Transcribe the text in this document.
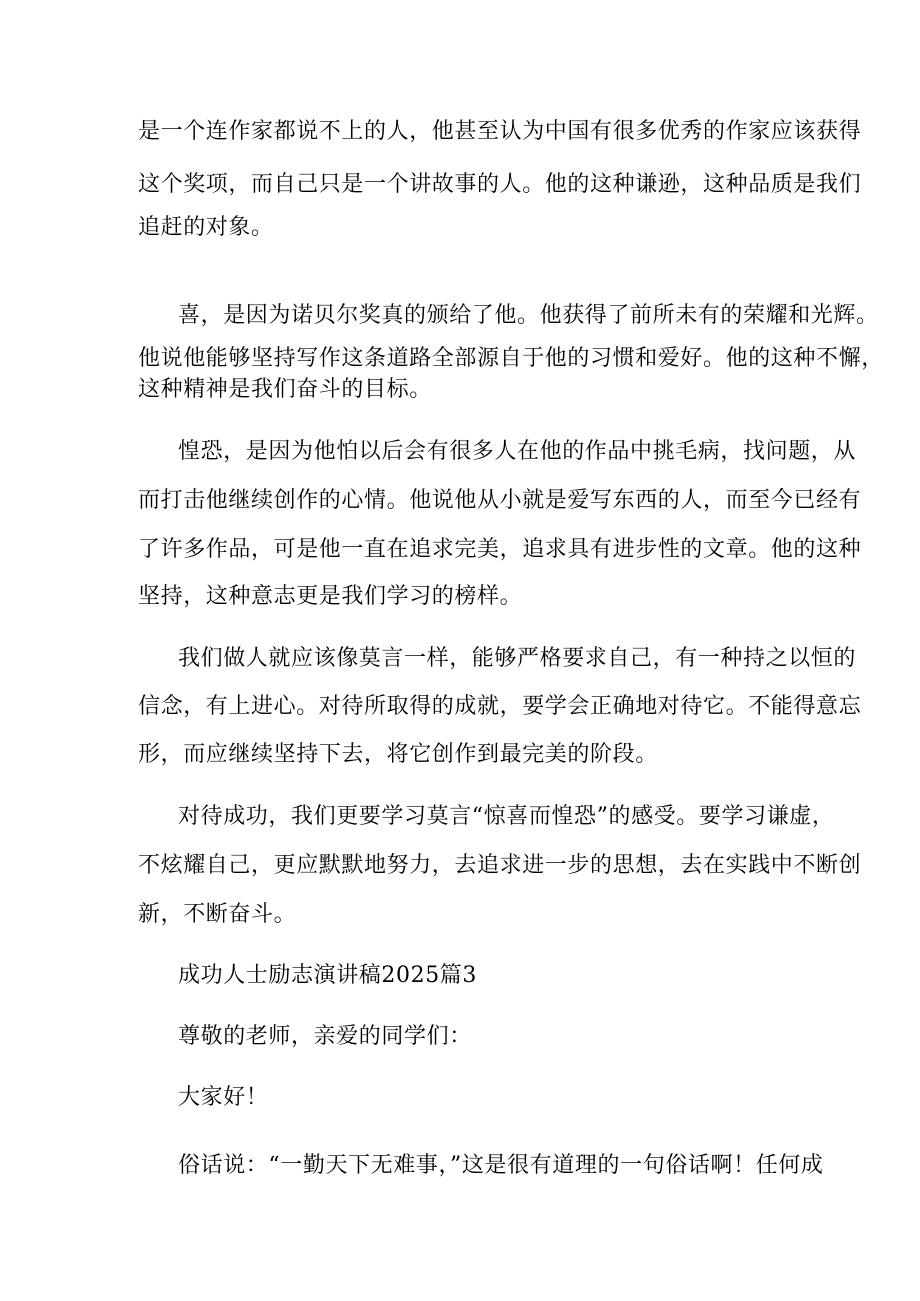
是一个连作家都说不上的人，他甚至认为中国有很多优秀的作家应该获得
这个奖项，而自己只是一个讲故事的人。他的这种谦逊，这种品质是我们
追赶的对象。
喜，是因为诺贝尔奖真的颁给了他。他获得了前所未有的荣耀和光辉。
他说他能够坚持写作这条道路全部源自于他的习惯和爱好。他的这种不懈，
这种精神是我们奋斗的目标。
惶恐，是因为他怕以后会有很多人在他的作品中挑毛病，找问题，从
而打击他继续创作的心情。他说他从小就是爱写东西的人，而至今已经有
了许多作品，可是他一直在追求完美，追求具有进步性的文章。他的这种
坚持，这种意志更是我们学习的榜样。
我们做人就应该像莫言一样，能够严格要求自己，有一种持之以恒的
信念，有上进心。对待所取得的成就，要学会正确地对待它。不能得意忘
形，而应继续坚持下去，将它创作到最完美的阶段。
对待成功，我们更要学习莫言“惊喜而惶恐”的感受。要学习谦虚，
不炫耀自己，更应默默地努力，去追求进一步的思想，去在实践中不断创
新，不断奋斗。
成功人士励志演讲稿2025篇3
尊敬的老师，亲爱的同学们：
大家好！
俗话说：“一勤天下无难事，”这是很有道理的一句俗话啊！任何成
